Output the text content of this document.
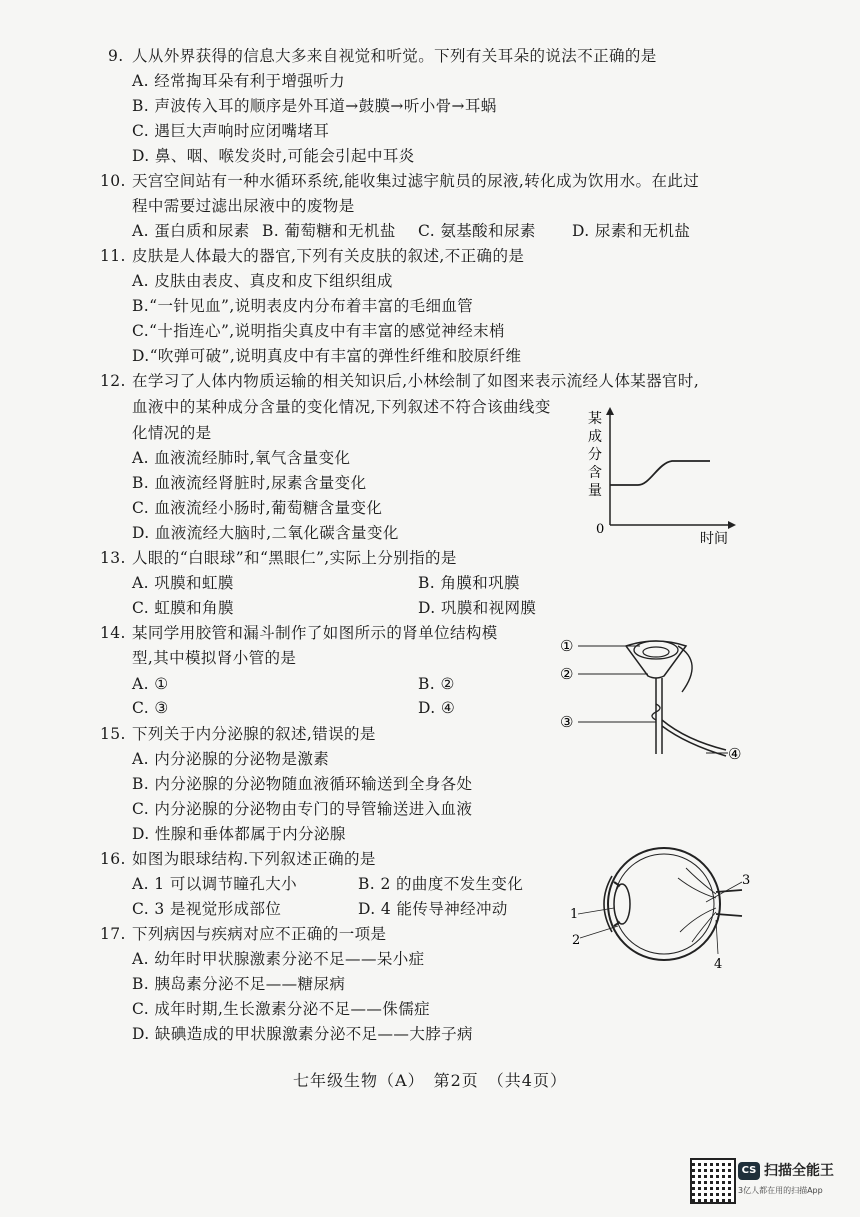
9. 人从外界获得的信息大多来自视觉和听觉。下列有关耳朵的说法不正确的是
A. 经常掏耳朵有利于增强听力
B. 声波传入耳的顺序是外耳道→鼓膜→听小骨→耳蜗
C. 遇巨大声响时应闭嘴堵耳
D. 鼻、咽、喉发炎时,可能会引起中耳炎
10. 天宫空间站有一种水循环系统,能收集过滤宇航员的尿液,转化成为饮用水。在此过
程中需要过滤出尿液中的废物是
A. 蛋白质和尿素 B. 葡萄糖和无机盐 C. 氨基酸和尿素 D. 尿素和无机盐
11. 皮肤是人体最大的器官,下列有关皮肤的叙述,不正确的是
A. 皮肤由表皮、真皮和皮下组织组成
B.“一针见血”,说明表皮内分布着丰富的毛细血管
C.“十指连心”,说明指尖真皮中有丰富的感觉神经末梢
D.“吹弹可破”,说明真皮中有丰富的弹性纤维和胶原纤维
12. 在学习了人体内物质运输的相关知识后,小林绘制了如图来表示流经人体某器官时,
血液中的某种成分含量的变化情况,下列叙述不符合该曲线变
化情况的是
A. 血液流经肺时,氧气含量变化
B. 血液流经肾脏时,尿素含量变化
C. 血液流经小肠时,葡萄糖含量变化
D. 血液流经大脑时,二氧化碳含量变化
某
成
分
含
量
0
时间
13. 人眼的“白眼球”和“黑眼仁”,实际上分别指的是
A. 巩膜和虹膜	B. 角膜和巩膜
C. 虹膜和角膜	D. 巩膜和视网膜
14. 某同学用胶管和漏斗制作了如图所示的肾单位结构模
型,其中模拟肾小管的是
A. ①	B. ②
C. ③	D. ④
①
②
③
④
15. 下列关于内分泌腺的叙述,错误的是
A. 内分泌腺的分泌物是激素
B. 内分泌腺的分泌物随血液循环输送到全身各处
C. 内分泌腺的分泌物由专门的导管输送进入血液
D. 性腺和垂体都属于内分泌腺
16. 如图为眼球结构.下列叙述正确的是
A. 1 可以调节瞳孔大小	B. 2 的曲度不发生变化
C. 3 是视觉形成部位	D. 4 能传导神经冲动
3
1
2
4
17. 下列病因与疾病对应不正确的一项是
A. 幼年时甲状腺激素分泌不足——呆小症
B. 胰岛素分泌不足——糖尿病
C. 成年时期,生长激素分泌不足——侏儒症
D. 缺碘造成的甲状腺激素分泌不足——大脖子病
七年级生物（A）　第2页　（共4页）
CS 扫描全能王
3亿人都在用的扫描App
